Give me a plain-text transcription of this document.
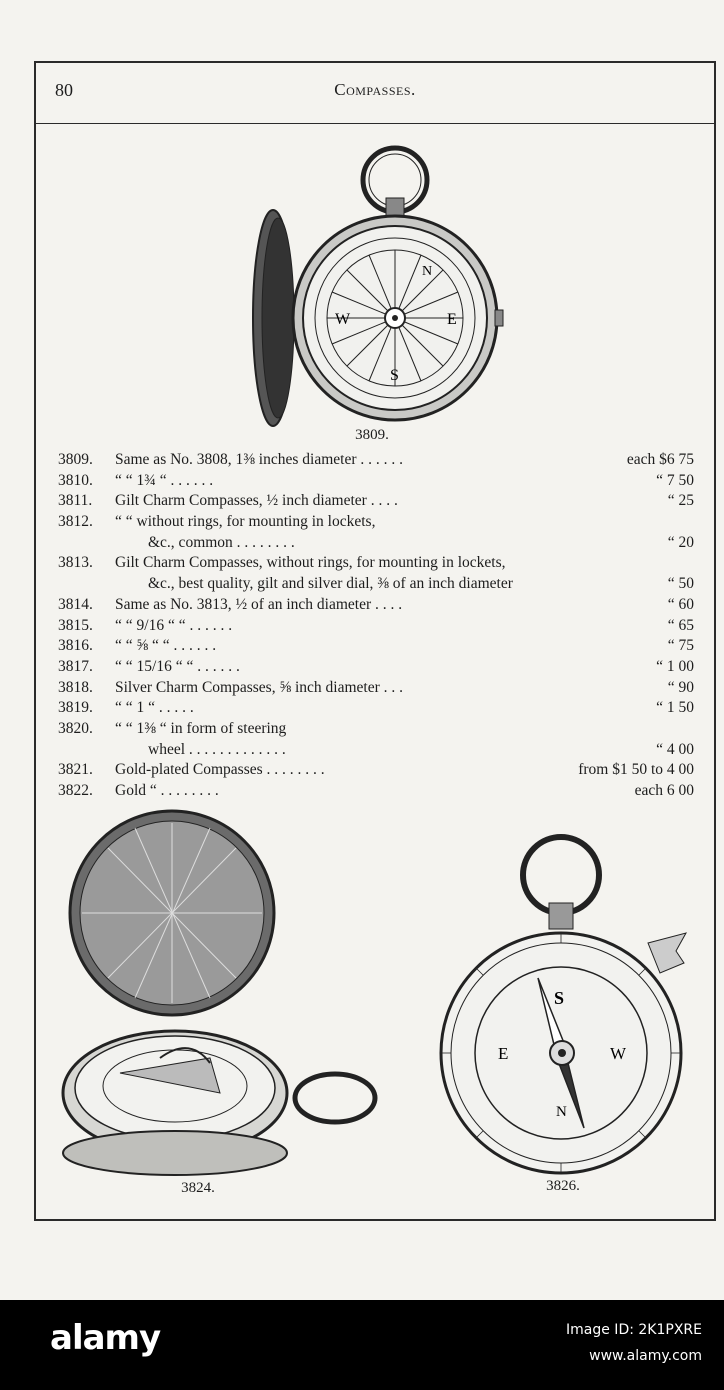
80	Compasses.
E
S
W
N
3809.
3809.	Same as No. 3808, 1⅜ inches diameter . . . . . .	each $6 75
3810.	“ “ 1¾ “ . . . . . .	“ 7 50
3811.	Gilt Charm Compasses, ½ inch diameter . . . .	“ 25
3812.	“ “ without rings, for mounting in lockets,
&c., common . . . . . . . .	“ 20
3813.	Gilt Charm Compasses, without rings, for mounting in lockets,
&c., best quality, gilt and silver dial, ⅜ of an inch diameter	“ 50
3814.	Same as No. 3813, ½ of an inch diameter . . . .	“ 60
3815.	“ “ 9/16 “ “ . . . . . .	“ 65
3816.	“ “ ⅝ “ “ . . . . . .	“ 75
3817.	“ “ 15/16 “ “ . . . . . .	“ 1 00
3818.	Silver Charm Compasses, ⅝ inch diameter . . .	“ 90
3819.	“ “ 1 “ . . . . .	“ 1 50
3820.	“ “ 1⅜ “ in form of steering
wheel . . . . . . . . . . . . .	“ 4 00
3821.	Gold-plated Compasses . . . . . . . .	from $1 50 to 4 00
3822.	Gold “ . . . . . . . .	each 6 00
3824.
S
E	W
N
3826.
alamy	Image ID: 2K1PXRE
www.alamy.com
